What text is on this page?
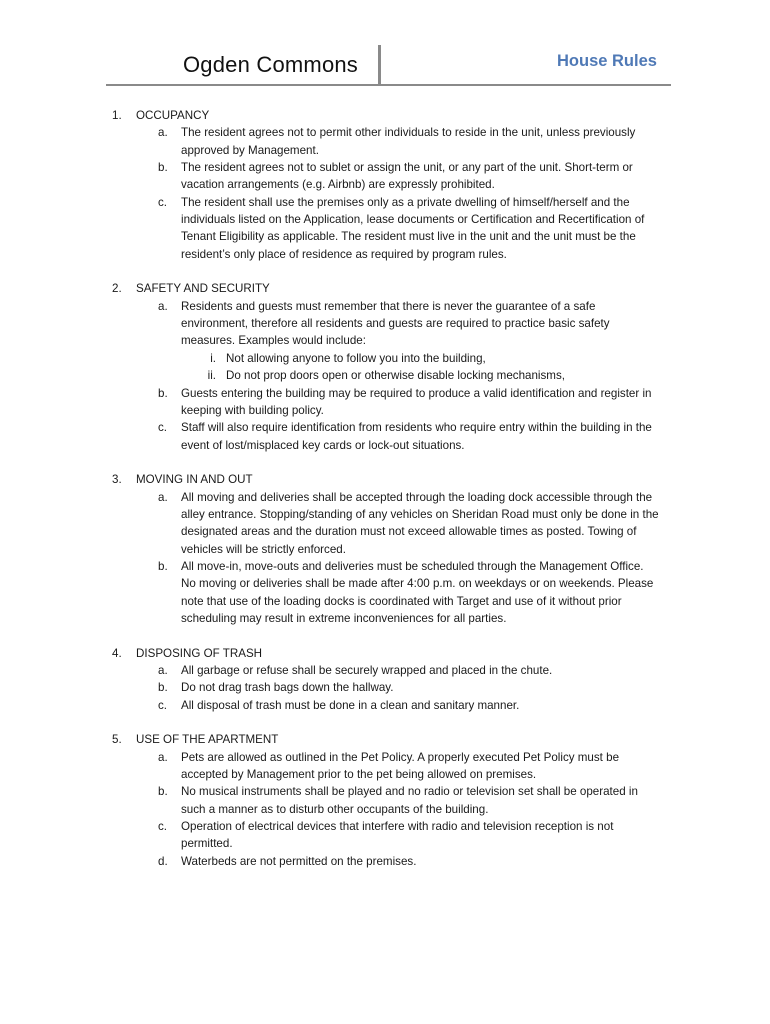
Ogden Commons	House Rules
1. OCCUPANCY
a.	The resident agrees not to permit other individuals to reside in the unit, unless previously approved by Management.
b.	The resident agrees not to sublet or assign the unit, or any part of the unit. Short-term or vacation arrangements (e.g. Airbnb) are expressly prohibited.
c.	The resident shall use the premises only as a private dwelling of himself/herself and the individuals listed on the Application, lease documents or Certification and Recertification of Tenant Eligibility as applicable. The resident must live in the unit and the unit must be the resident’s only place of residence as required by program rules.
2. SAFETY AND SECURITY
a.	Residents and guests must remember that there is never the guarantee of a safe environment, therefore all residents and guests are required to practice basic safety measures. Examples would include:
i. Not allowing anyone to follow you into the building,
ii. Do not prop doors open or otherwise disable locking mechanisms,
b.	Guests entering the building may be required to produce a valid identification and register in keeping with building policy.
c.	Staff will also require identification from residents who require entry within the building in the event of lost/misplaced key cards or lock-out situations.
3. MOVING IN AND OUT
a.	All moving and deliveries shall be accepted through the loading dock accessible through the alley entrance. Stopping/standing of any vehicles on Sheridan Road must only be done in the designated areas and the duration must not exceed allowable times as posted. Towing of vehicles will be strictly enforced.
b.	All move-in, move-outs and deliveries must be scheduled through the Management Office. No moving or deliveries shall be made after 4:00 p.m. on weekdays or on weekends. Please note that use of the loading docks is coordinated with Target and use of it without prior scheduling may result in extreme inconveniences for all parties.
4. DISPOSING OF TRASH
a.	All garbage or refuse shall be securely wrapped and placed in the chute.
b.	Do not drag trash bags down the hallway.
c.	All disposal of trash must be done in a clean and sanitary manner.
5. USE OF THE APARTMENT
a.	Pets are allowed as outlined in the Pet Policy. A properly executed Pet Policy must be accepted by Management prior to the pet being allowed on premises.
b.	No musical instruments shall be played and no radio or television set shall be operated in such a manner as to disturb other occupants of the building.
c.	Operation of electrical devices that interfere with radio and television reception is not permitted.
d.	Waterbeds are not permitted on the premises.
